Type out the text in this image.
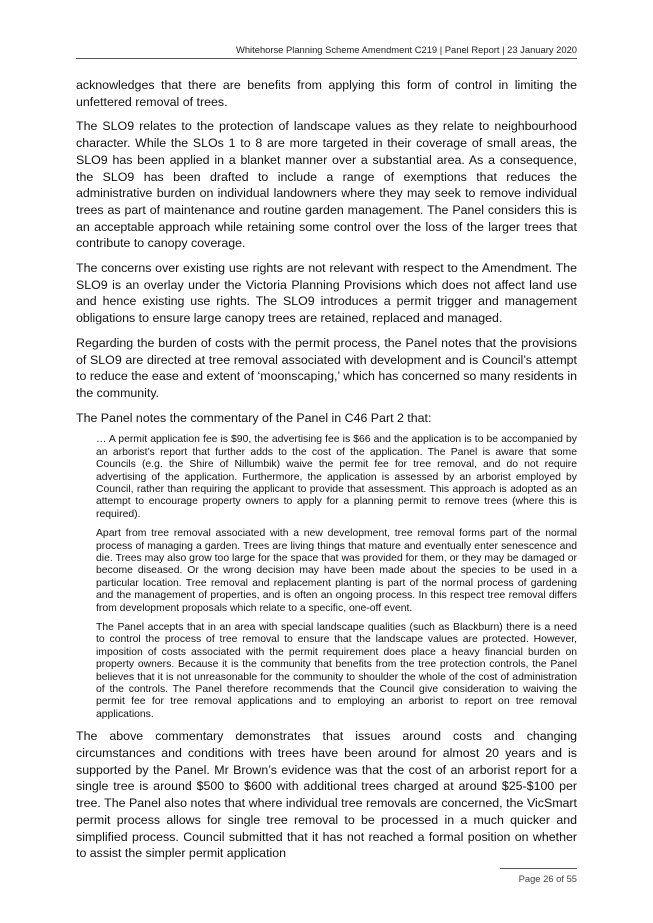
Whitehorse Planning Scheme Amendment C219 | Panel Report | 23 January 2020

acknowledges that there are benefits from applying this form of control in limiting the unfettered removal of trees.

The SLO9 relates to the protection of landscape values as they relate to neighbourhood character. While the SLOs 1 to 8 are more targeted in their coverage of small areas, the SLO9 has been applied in a blanket manner over a substantial area. As a consequence, the SLO9 has been drafted to include a range of exemptions that reduces the administrative burden on individual landowners where they may seek to remove individual trees as part of maintenance and routine garden management. The Panel considers this is an acceptable approach while retaining some control over the loss of the larger trees that contribute to canopy coverage.

The concerns over existing use rights are not relevant with respect to the Amendment. The SLO9 is an overlay under the Victoria Planning Provisions which does not affect land use and hence existing use rights. The SLO9 introduces a permit trigger and management obligations to ensure large canopy trees are retained, replaced and managed.

Regarding the burden of costs with the permit process, the Panel notes that the provisions of SLO9 are directed at tree removal associated with development and is Council’s attempt to reduce the ease and extent of ‘moonscaping,’ which has concerned so many residents in the community.

The Panel notes the commentary of the Panel in C46 Part 2 that:

… A permit application fee is $90, the advertising fee is $66 and the application is to be accompanied by an arborist’s report that further adds to the cost of the application. The Panel is aware that some Councils (e.g. the Shire of Nillumbik) waive the permit fee for tree removal, and do not require advertising of the application. Furthermore, the application is assessed by an arborist employed by Council, rather than requiring the applicant to provide that assessment. This approach is adopted as an attempt to encourage property owners to apply for a planning permit to remove trees (where this is required).

Apart from tree removal associated with a new development, tree removal forms part of the normal process of managing a garden. Trees are living things that mature and eventually enter senescence and die. Trees may also grow too large for the space that was provided for them, or they may be damaged or become diseased. Or the wrong decision may have been made about the species to be used in a particular location. Tree removal and replacement planting is part of the normal process of gardening and the management of properties, and is often an ongoing process. In this respect tree removal differs from development proposals which relate to a specific, one-off event.

The Panel accepts that in an area with special landscape qualities (such as Blackburn) there is a need to control the process of tree removal to ensure that the landscape values are protected. However, imposition of costs associated with the permit requirement does place a heavy financial burden on property owners. Because it is the community that benefits from the tree protection controls, the Panel believes that it is not unreasonable for the community to shoulder the whole of the cost of administration of the controls. The Panel therefore recommends that the Council give consideration to waiving the permit fee for tree removal applications and to employing an arborist to report on tree removal applications.

The above commentary demonstrates that issues around costs and changing circumstances and conditions with trees have been around for almost 20 years and is supported by the Panel. Mr Brown’s evidence was that the cost of an arborist report for a single tree is around $500 to $600 with additional trees charged at around $25-$100 per tree. The Panel also notes that where individual tree removals are concerned, the VicSmart permit process allows for single tree removal to be processed in a much quicker and simplified process. Council submitted that it has not reached a formal position on whether to assist the simpler permit application

Page 26 of 55
